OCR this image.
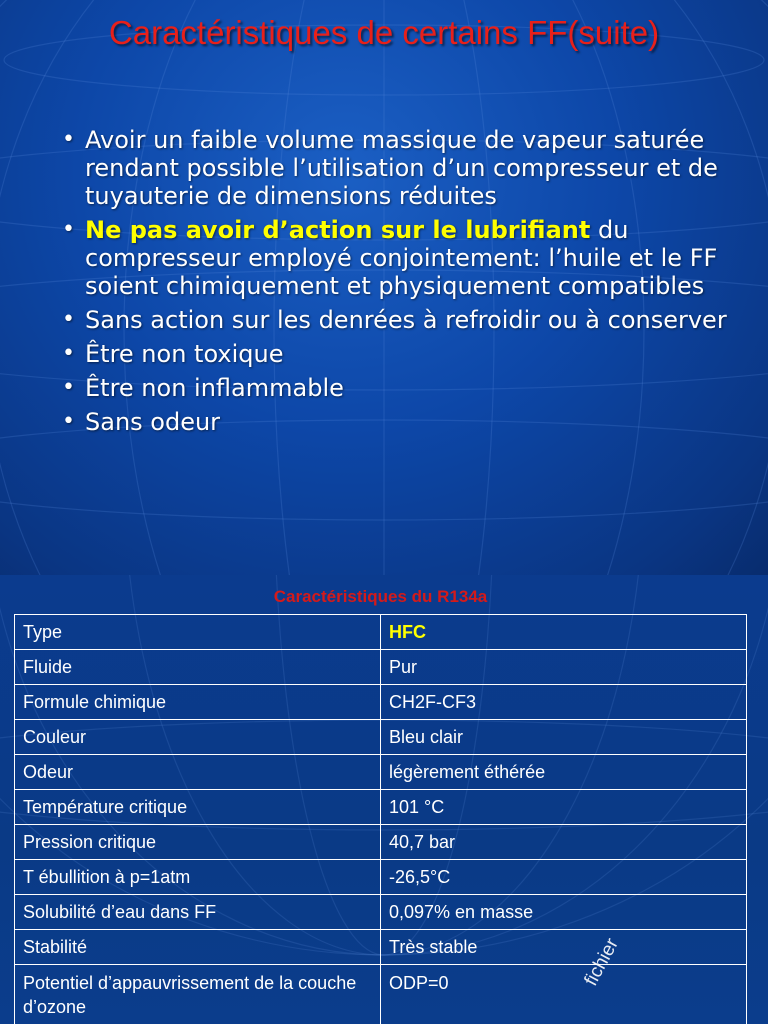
Caractéristiques de certains FF(suite)
• Avoir un faible volume massique de vapeur saturée rendant possible l’utilisation d’un compresseur et de tuyauterie de dimensions réduites
• Ne pas avoir d’action sur le lubrifiant du compresseur employé conjointement: l’huile et le FF soient chimiquement et physiquement compatibles
• Sans action sur les denrées à refroidir ou à conserver
• Être non toxique
• Être non inflammable
• Sans odeur
Caractéristiques du R134a	
Type	HFC
Fluide	Pur
Formule chimique	CH2F-CF3
Couleur	Bleu clair
Odeur	légèrement éthérée
Température critique	101 °C
Pression critique	40,7 bar
T ébullition à p=1atm	-26,5°C
Solubilité d’eau dans FF	0,097% en masse
Stabilité	Très stable
Potentiel d’appauvrissement de la couche d’ozone	ODP=0	fichier
